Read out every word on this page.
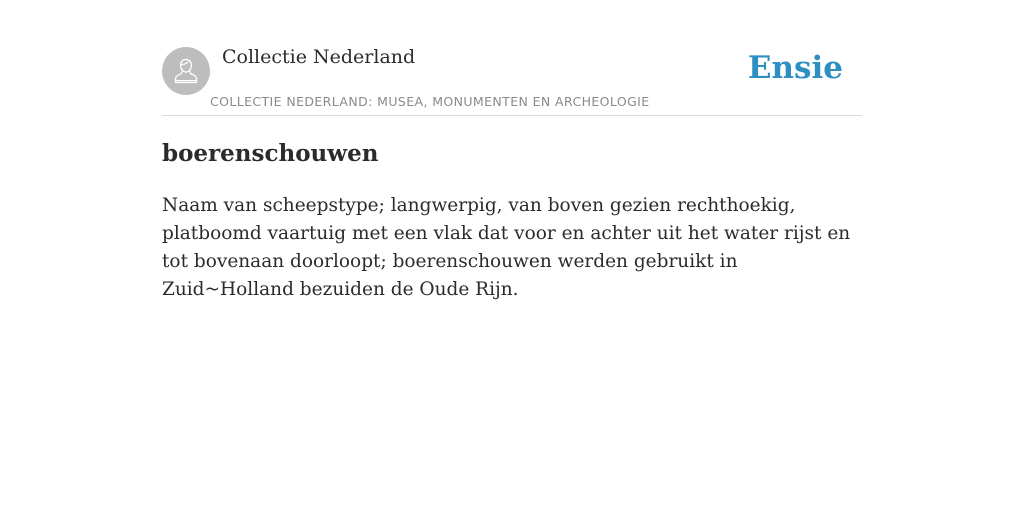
Collectie Nederland
COLLECTIE NEDERLAND: MUSEA, MONUMENTEN EN ARCHEOLOGIE
Ensie
boerenschouwen

Naam van scheepstype; langwerpig, van boven gezien rechthoekig, platboomd vaartuig met een vlak dat voor en achter uit het water rijst en tot bovenaan doorloopt; boerenschouwen werden gebruikt in Zuid~Holland bezuiden de Oude Rijn.
